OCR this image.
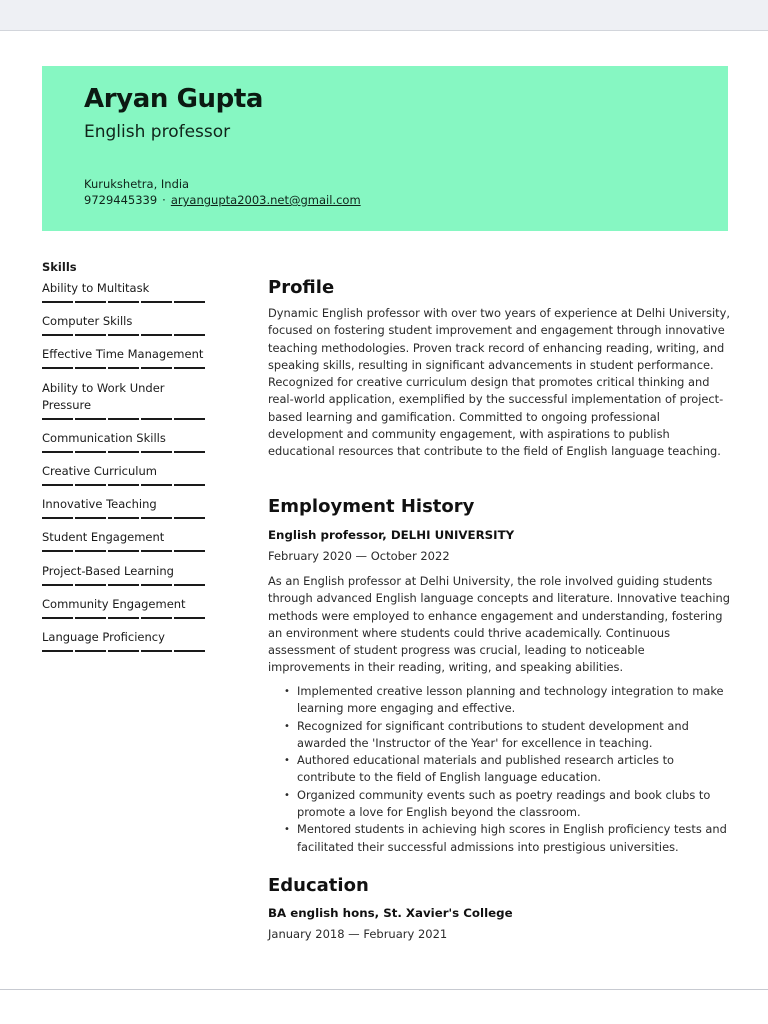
Aryan Gupta
English professor
Kurukshetra, India
9729445339 · aryangupta2003.net@gmail.com
Skills
Ability to Multitask
Computer Skills
Effective Time Management
Ability to Work Under Pressure
Communication Skills
Creative Curriculum
Innovative Teaching
Student Engagement
Project-Based Learning
Community Engagement
Language Proficiency
Profile
Dynamic English professor with over two years of experience at Delhi University, focused on fostering student improvement and engagement through innovative teaching methodologies. Proven track record of enhancing reading, writing, and speaking skills, resulting in significant advancements in student performance. Recognized for creative curriculum design that promotes critical thinking and real-world application, exemplified by the successful implementation of project-based learning and gamification. Committed to ongoing professional development and community engagement, with aspirations to publish educational resources that contribute to the field of English language teaching.
Employment History
English professor, DELHI UNIVERSITY
February 2020 — October 2022
As an English professor at Delhi University, the role involved guiding students through advanced English language concepts and literature. Innovative teaching methods were employed to enhance engagement and understanding, fostering an environment where students could thrive academically. Continuous assessment of student progress was crucial, leading to noticeable improvements in their reading, writing, and speaking abilities.
• Implemented creative lesson planning and technology integration to make learning more engaging and effective.
• Recognized for significant contributions to student development and awarded the 'Instructor of the Year' for excellence in teaching.
• Authored educational materials and published research articles to contribute to the field of English language education.
• Organized community events such as poetry readings and book clubs to promote a love for English beyond the classroom.
• Mentored students in achieving high scores in English proficiency tests and facilitated their successful admissions into prestigious universities.
Education
BA english hons, St. Xavier's College
January 2018 — February 2021
